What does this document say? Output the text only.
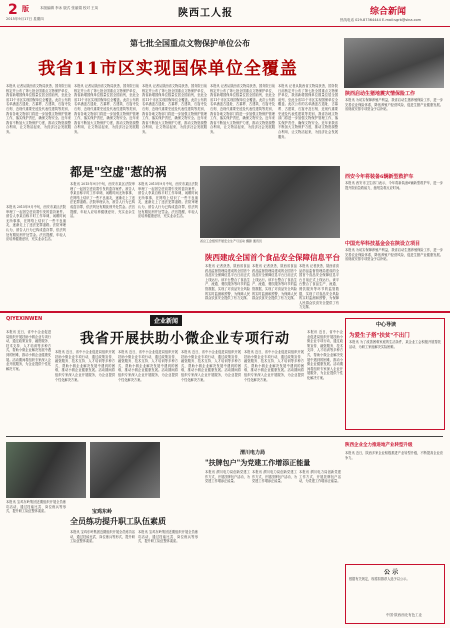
2 版	本版编辑 李冰 版式 张丽娟 校对 王凤	陕西工人报	综合新闻
2015年9月17日 星期四	热线电话 029-87364444 E-mail:sgrb@sina.com
第七批全国重点文物保护单位公布
我省11市区实现国保单位全覆盖
本报讯 记者从陕西省文物局获悉，国务院日前核定并公布了第七批全国重点文物保护单位，我省新增国保单位数量位居全国前列，至此全省11个市区实现国保单位全覆盖。此次公布的名单涵盖古遗址、古墓葬、古建筑、石窟寺及石刻、近现代重要史迹及代表性建筑等类别，我省各地文物部门将进一步加强文物保护管理工作，落实保护责任，确保文物安全。近年来我省不断加大文物保护力度，推动文物资源整合利用，让文物活起来，为经济社会发展服务。
本报讯 记者从陕西省文物局获悉，国务院日前核定并公布了第七批全国重点文物保护单位，我省新增国保单位数量位居全国前列，至此全省11个市区实现国保单位全覆盖。此次公布的名单涵盖古遗址、古墓葬、古建筑、石窟寺及石刻、近现代重要史迹及代表性建筑等类别，我省各地文物部门将进一步加强文物保护管理工作，落实保护责任，确保文物安全。近年来我省不断加大文物保护力度，推动文物资源整合利用，让文物活起来，为经济社会发展服务。
本报讯 记者从陕西省文物局获悉，国务院日前核定并公布了第七批全国重点文物保护单位，我省新增国保单位数量位居全国前列，至此全省11个市区实现国保单位全覆盖。此次公布的名单涵盖古遗址、古墓葬、古建筑、石窟寺及石刻、近现代重要史迹及代表性建筑等类别，我省各地文物部门将进一步加强文物保护管理工作，落实保护责任，确保文物安全。近年来我省不断加大文物保护力度，推动文物资源整合利用，让文物活起来，为经济社会发展服务。
本报讯 记者从陕西省文物局获悉，国务院日前核定并公布了第七批全国重点文物保护单位，我省新增国保单位数量位居全国前列，至此全省11个市区实现国保单位全覆盖。此次公布的名单涵盖古遗址、古墓葬、古建筑、石窟寺及石刻、近现代重要史迹及代表性建筑等类别，我省各地文物部门将进一步加强文物保护管理工作，落实保护责任，确保文物安全。近年来我省不断加大文物保护力度，推动文物资源整合利用，让文物活起来，为经济社会发展服务。
本报讯 记者从陕西省文物局获悉，国务院日前核定并公布了第七批全国重点文物保护单位，我省新增国保单位数量位居全国前列，至此全省11个市区实现国保单位全覆盖。此次公布的名单涵盖古遗址、古墓葬、古建筑、石窟寺及石刻、近现代重要史迹及代表性建筑等类别，我省各地文物部门将进一步加强文物保护管理工作，落实保护责任，确保文物安全。近年来我省不断加大文物保护力度，推动文物资源整合利用，让文物活起来，为经济社会发展服务。
都是"空虚"惹的祸
本报讯 2015年9月中旬，西安市某区法院审理了一起因空虚寂寞引发的盗窃案件。被告人李某自称平时工作单调，闲暇时间无所事事，在网络上结识了一些不良朋友，逐渐走上了违法犯罪道路。法院审理认为，被告人行为已构成盗窃罪，依法判处有期徒刑并处罚金。法官提醒，年轻人应培养健康爱好，充实业余生活。
本报讯 2015年9月中旬，西安市某区法院审理了一起因空虚寂寞引发的盗窃案件。被告人李某自称平时工作单调，闲暇时间无所事事，在网络上结识了一些不良朋友，逐渐走上了违法犯罪道路。法院审理认为，被告人行为已构成盗窃罪，依法判处有期徒刑并处罚金。法官提醒，年轻人应培养健康爱好，充实业余生活。
本报讯 2015年9月中旬，西安市某区法院审理了一起因空虚寂寞引发的盗窃案件。被告人李某自称平时工作单调，闲暇时间无所事事，在网络上结识了一些不良朋友，逐渐走上了违法犯罪道路。法院审理认为，被告人行为已构成盗窃罪，依法判处有期徒刑并处罚金。法官提醒，年轻人应培养健康爱好，充实业余生活。
省总工会组织开展安全生产月活动 摄影 通讯员
陕西建成全国首个食品安全保障信息平台
本报讯 记者获悉，陕西省食品药品监督管理局建成的全国首个食品安全保障信息平台日前正式上线运行。该平台整合了食品生产、流通、餐饮服务等环节的监管数据，实现了对食品安全风险的实时监测和预警，为保障人民群众饮食安全提供了有力支撑。
本报讯 记者获悉，陕西省食品药品监督管理局建成的全国首个食品安全保障信息平台日前正式上线运行。该平台整合了食品生产、流通、餐饮服务等环节的监管数据，实现了对食品安全风险的实时监测和预警，为保障人民群众饮食安全提供了有力支撑。
本报讯 记者获悉，陕西省食品药品监督管理局建成的全国首个食品安全保障信息平台日前正式上线运行。该平台整合了食品生产、流通、餐饮服务等环节的监管数据，实现了对食品安全风险的实时监测和预警，为保障人民群众饮食安全提供了有力支撑。
陕西启动生猪地震灾情保险工作
本报讯 为切实保障养殖户利益，我省启动生猪养殖保险工作，进一步完善农业保险体系，降低养殖户经营风险，促进生猪产业健康发展。省财政安排专项资金予以补贴。
西安今年将装备6辆新型救护车
本报讯 西安市卫生部门表示，今年将新装备6辆新型救护车，进一步提升院前急救能力，缩短急救反应时间。
中国光华科技基金会在陕设立项目
本报讯 为切实保障养殖户利益，我省启动生猪养殖保险工作，进一步完善农业保险体系，降低养殖户经营风险，促进生猪产业健康发展。省财政安排专项资金予以补贴。
企业新闻
QIYEXINWEN
我省开展扶助小微企业专项行动
本报讯 近日，省中小企业促进局组织开展扶助小微企业专项行动，通过政策宣传、融资服务、技术支持、人才培训等多种方式，帮助小微企业解决发展中遇到的困难，推动小微企业健康发展。活动期间将组织专家深入企业开展服务，为企业提供个性化解决方案。
本报讯 近日，省中小企业促进局组织开展扶助小微企业专项行动，通过政策宣传、融资服务、技术支持、人才培训等多种方式，帮助小微企业解决发展中遇到的困难，推动小微企业健康发展。活动期间将组织专家深入企业开展服务，为企业提供个性化解决方案。
本报讯 近日，省中小企业促进局组织开展扶助小微企业专项行动，通过政策宣传、融资服务、技术支持、人才培训等多种方式，帮助小微企业解决发展中遇到的困难，推动小微企业健康发展。活动期间将组织专家深入企业开展服务，为企业提供个性化解决方案。
本报讯 近日，省中小企业促进局组织开展扶助小微企业专项行动，通过政策宣传、融资服务、技术支持、人才培训等多种方式，帮助小微企业解决发展中遇到的困难，推动小微企业健康发展。活动期间将组织专家深入企业开展服务，为企业提供个性化解决方案。
本报讯 近日，省中小企业促进局组织开展扶助小微企业专项行动，通过政策宣传、融资服务、技术支持、人才培训等多种方式，帮助小微企业解决发展中遇到的困难，推动小微企业健康发展。活动期间将组织专家深入企业开展服务，为企业提供个性化解决方案。
本报讯 近日，省中小企业促进局组织开展扶助小微企业专项行动，通过政策宣传、融资服务、技术支持、人才培训等多种方式，帮助小微企业解决发展中遇到的困难，推动小微企业健康发展。活动期间将组织专家深入企业开展服务，为企业提供个性化解决方案。
中心导读
为爱生子搭"扶贫"不出门
本报讯 为了改善困难家庭的生活条件，某企业工会积极开展帮扶活动，为职工家庭解决实际困难。
宝鸡东岭
全员练功提升职工队伍素质
本报讯 宝鸡东岭集团近期组织开展全员练功活动，通过技能比武、岗位练兵等形式，提升职工队伍整体素质。
本报讯 宝鸡东岭集团近期组织开展全员练功活动，通过技能比武、岗位练兵等形式，提升职工队伍整体素质。
本报讯 宝鸡东岭集团近期组织开展全员练功活动，通过技能比武、岗位练兵等形式，提升职工队伍整体素质。
渭川电力局
"扶牌包户"为党建工作增添正能量
本报讯 渭川电力局创新党建工作方式，开展扶牌包户活动，为党建工作增添正能量。
本报讯 渭川电力局创新党建工作方式，开展扶牌包户活动，为党建工作增添正能量。
本报讯 渭川电力局创新党建工作方式，开展扶牌包户活动，为党建工作增添正能量。
陕西企业全力推进地产业转型升级
本报讯 近日，陕西多家企业积极推进产业转型升级，不断提高企业竞争力。
公 示
根据有关规定，现将拟推荐人选予以公示。
中国·陕西西北有色工业
